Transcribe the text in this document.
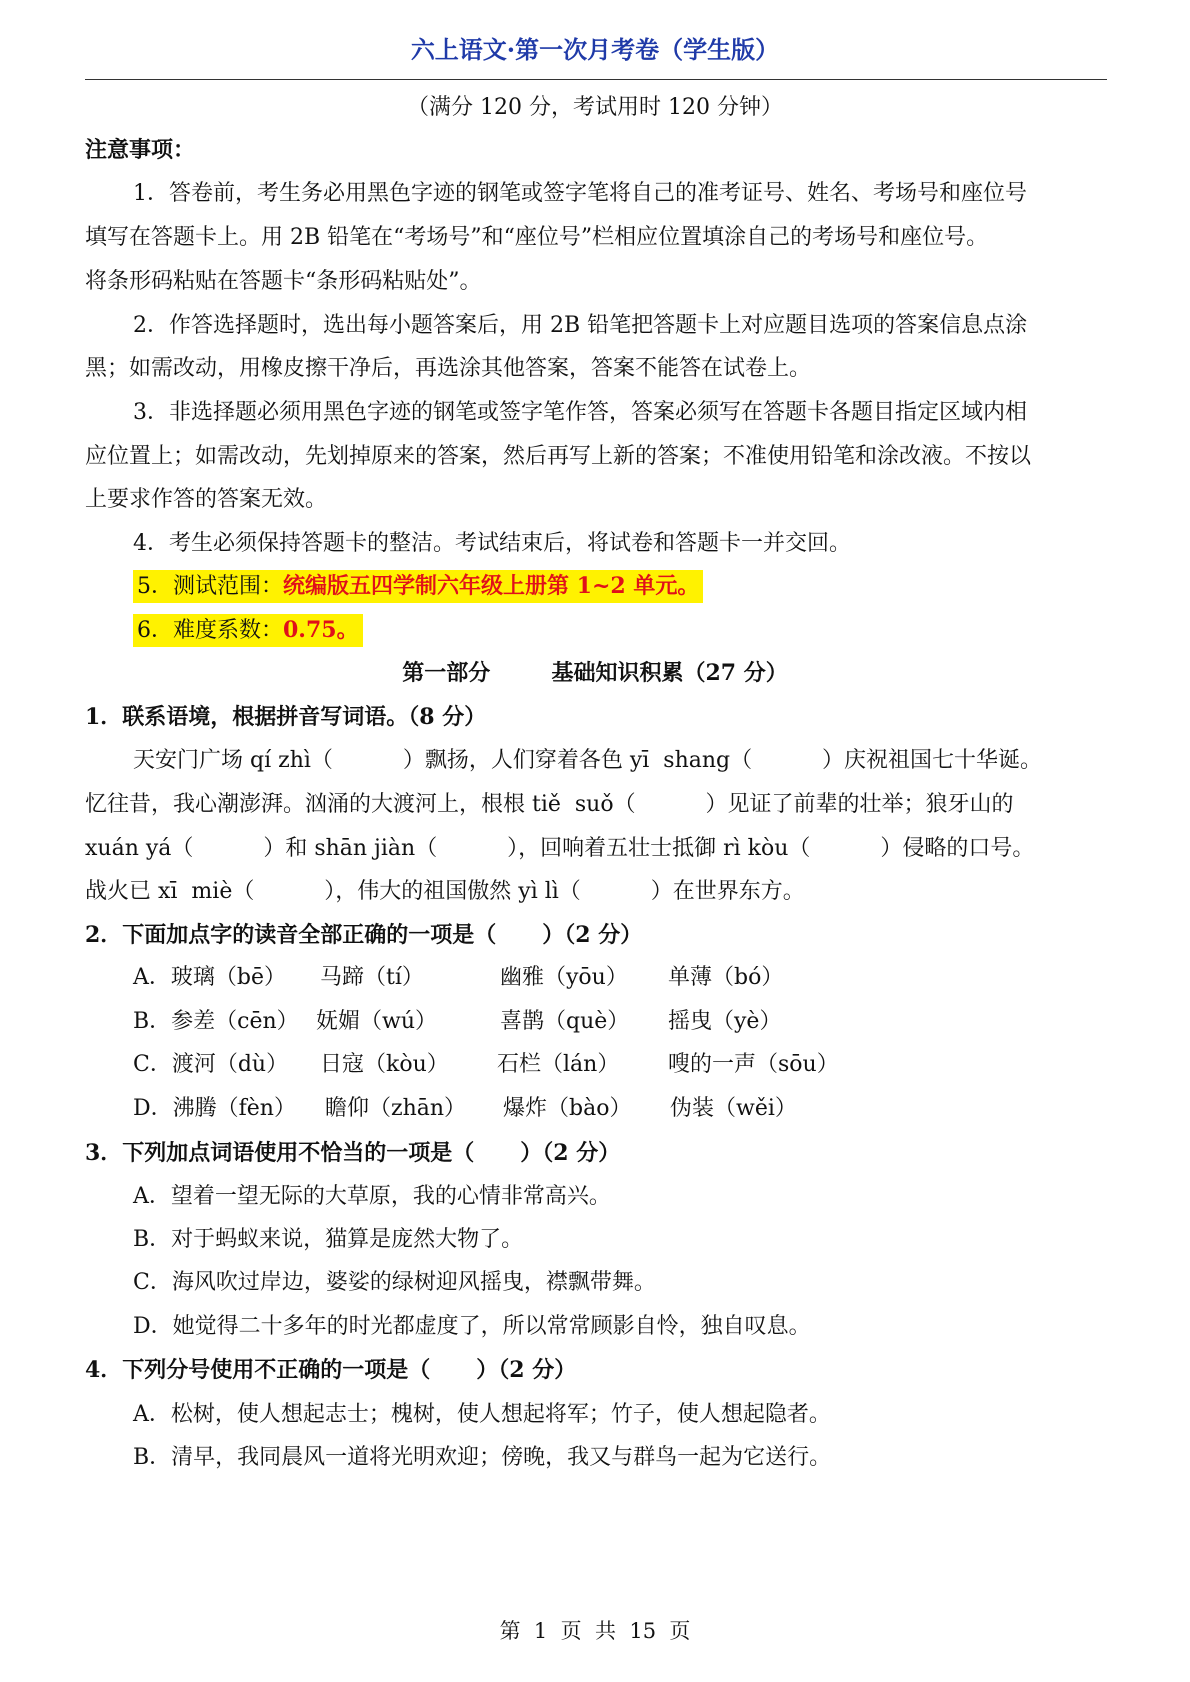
六上语文·第一次月考卷（学生版）
（满分 120 分，考试用时 120 分钟）
注意事项：
1．答卷前，考生务必用黑色字迹的钢笔或签字笔将自己的准考证号、姓名、考场号和座位号
填写在答题卡上。用 2B 铅笔在“考场号”和“座位号”栏相应位置填涂自己的考场号和座位号。
将条形码粘贴在答题卡“条形码粘贴处”。
2．作答选择题时，选出每小题答案后，用 2B 铅笔把答题卡上对应题目选项的答案信息点涂
黑；如需改动，用橡皮擦干净后，再选涂其他答案，答案不能答在试卷上。
3．非选择题必须用黑色字迹的钢笔或签字笔作答，答案必须写在答题卡各题目指定区域内相
应位置上；如需改动，先划掉原来的答案，然后再写上新的答案；不准使用铅笔和涂改液。不按以
上要求作答的答案无效。
4．考生必须保持答题卡的整洁。考试结束后，将试卷和答题卡一并交回。
5．测试范围：统编版五四学制六年级上册第 1~2 单元。
6．难度系数：0.75。
第一部分        基础知识积累（27 分）
1．联系语境，根据拼音写词语。（8 分）
天安门广场 qí zhì（          ）飘扬，人们穿着各色 yī  shang（          ）庆祝祖国七十华诞。
忆往昔，我心潮澎湃。汹涌的大渡河上，根根 tiě  suǒ（          ）见证了前辈的壮举；狼牙山的
xuán yá（          ）和 shān jiàn（          ），回响着五壮士抵御 rì kòu（          ）侵略的口号。
战火已 xī  miè（          ），伟大的祖国傲然 yì lì（          ）在世界东方。
2．下面加点字的读音全部正确的一项是（      ）（2 分）
A．玻璃（bē） 马蹄（tí）	幽雅（yōu） 单薄（bó）
B．参差（cēn） 妩媚（wú）	喜鹊（què） 摇曳（yè）
C．渡河（dù） 日寇（kòu） 石栏（lán） 嗖的一声（sōu）
D．沸腾（fèn） 瞻仰（zhān） 爆炸（bào） 伪装（wěi）
3．下列加点词语使用不恰当的一项是（      ）（2 分）
A．望着一望无际的大草原，我的心情非常高兴。
B．对于蚂蚁来说，猫算是庞然大物了。
C．海风吹过岸边，婆娑的绿树迎风摇曳，襟飘带舞。
D．她觉得二十多年的时光都虚度了，所以常常顾影自怜，独自叹息。
4．下列分号使用不正确的一项是（      ）（2 分）
A．松树，使人想起志士；槐树，使人想起将军；竹子，使人想起隐者。
B．清早，我同晨风一道将光明欢迎；傍晚，我又与群鸟一起为它送行。
第  1  页  共  15  页
